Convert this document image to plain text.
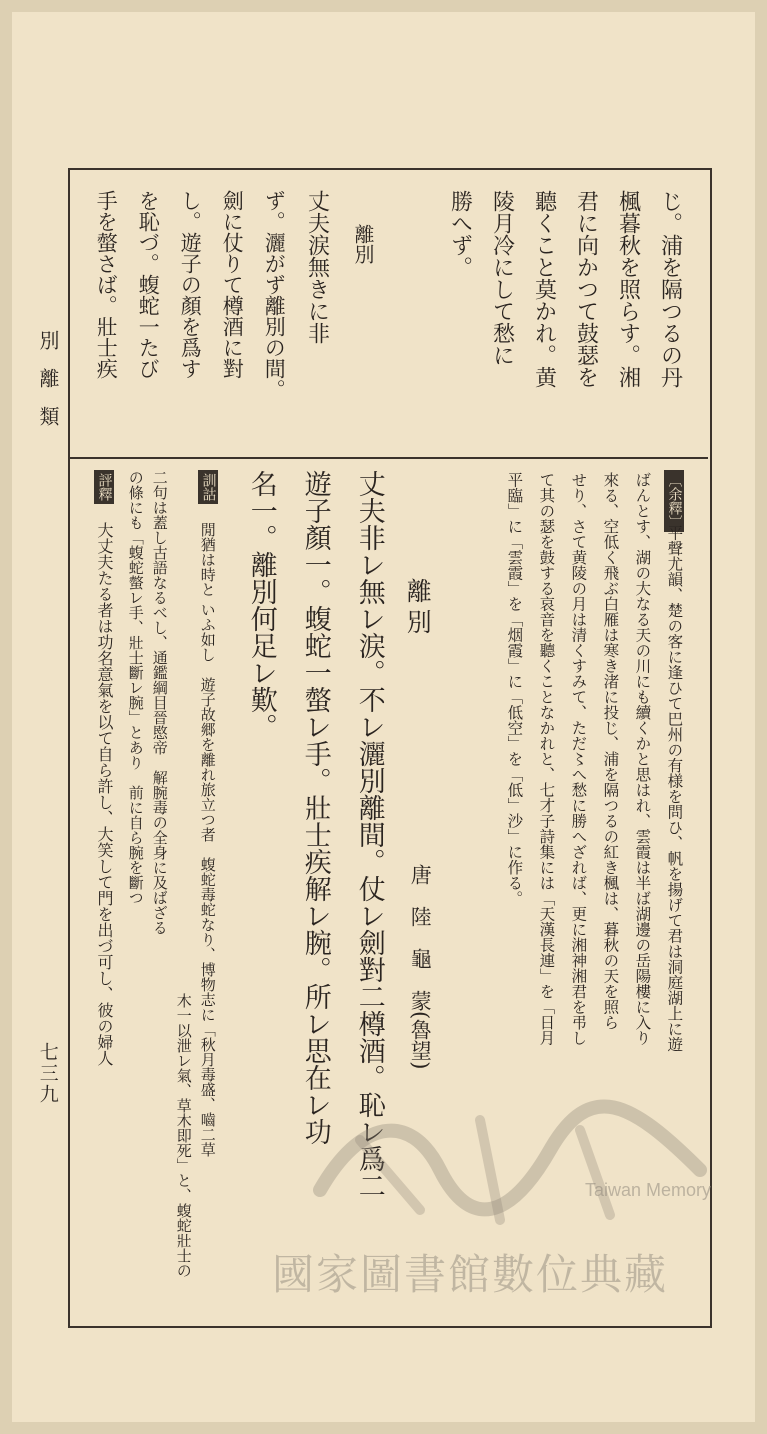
別離類
七三九
じ。浦を隔つるの丹
楓暮秋を照らす。湘
君に向かつて鼓瑟を
聽くこと莫かれ。黄
陵月冷にして愁に
勝へず。
離別
丈夫涙無きに非
ず。灑がず離別の間。
劍に仗りて樽酒に對
し。遊子の顏を爲す
を恥づ。蝮蛇一たび
手を螫さば。壯士疾
〔余釋〕
平聲尤韻、楚の客に逢ひて巴州の有様を問ひ、帆を揚げて君は洞庭湖上に遊
ばんとす、湖の大なる天の川にも續くかと思はれ、雲霞は半ば湖邊の岳陽樓に入り
來る、空低く飛ぶ白雁は寒き渚に投じ、浦を隔つるの紅き楓は、暮秋の天を照ら
せり、さて黄陵の月は清くすみて、ただ〻へ愁に勝へざれば、更に湘神湘君を弔し
て其の瑟を鼓する哀音を聽くことなかれと、七才子詩集には「天漢長連」を「日月
平臨」に「雲霞」を「烟霞」に「低空」を「低」沙」に作る。
離別
唐　陸　龜　蒙(魯望)
丈夫非レ無レ涙。不レ灑別離間。仗レ劍對二樽酒。恥レ爲二
遊子顏一。蝮蛇一螫レ手。壯士疾解レ腕。所レ思在レ功
名一。離別何足レ歎。
訓詁
閒猶は時と いふ如し　遊子故郷を離れ旅立つ者　蝮蛇毒蛇なり、博物志に「秋月毒盛、嚙二草
木一以泄レ氣、草木即死」と、蝮蛇壯士の
二句は蓋し古語なるべし、通鑑綱目晉愍帝　解腕毒の全身に及ばざる
の條にも「蝮蛇螫レ手、壯士斷レ腕」とあり　前に自ら腕を斷つ
評釋
大丈夫たる者は功名意氣を以て自ら許し、大笑して門を出づ可し、彼の婦人
國家圖書館數位典藏
Taiwan Memory
